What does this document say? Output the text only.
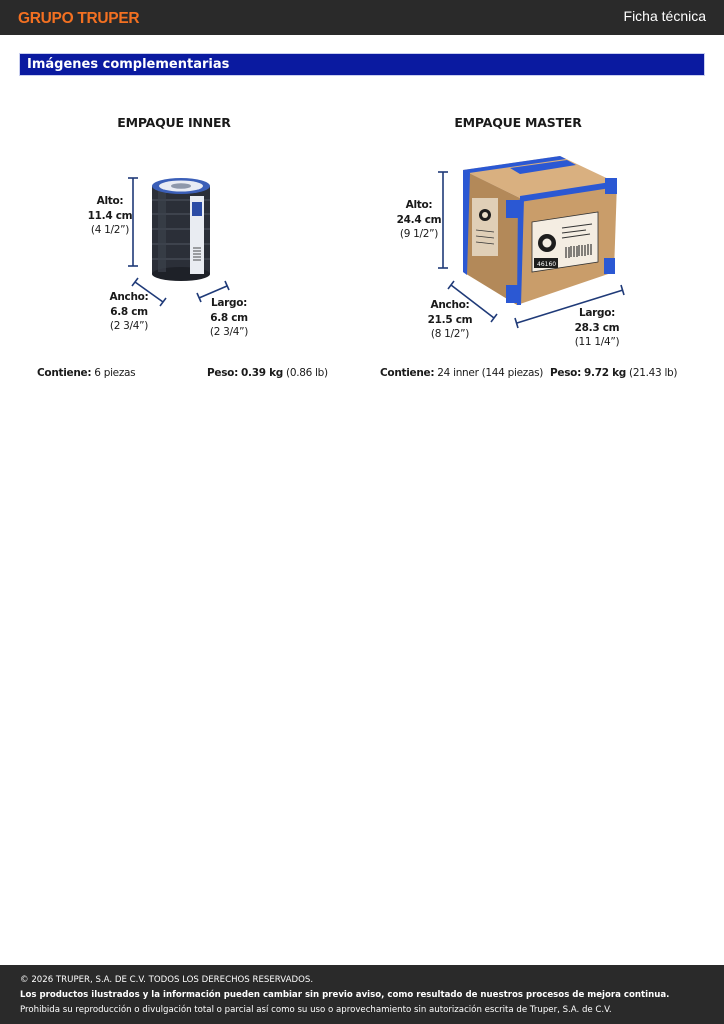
GRUPO TRUPER	Ficha técnica
Imágenes complementarias
EMPAQUE INNER	EMPAQUE MASTER
46160
Alto:
11.4 cm
(4 1/2”)
Ancho:
6.8 cm
(2 3/4”)
Largo:
6.8 cm
(2 3/4”)
Alto:
24.4 cm
(9 1/2”)
Ancho:
21.5 cm
(8 1/2”)
Largo:
28.3 cm
(11 1/4”)
Contiene: 6 piezas	Peso: 0.39 kg (0.86 lb)	Contiene: 24 inner (144 piezas) Peso: 9.72 kg (21.43 lb)

© 2026 TRUPER, S.A. DE C.V. TODOS LOS DERECHOS RESERVADOS.

Los productos ilustrados y la información pueden cambiar sin previo aviso, como resultado de nuestros procesos de mejora continua.

Prohibida su reproducción o divulgación total o parcial así como su uso o aprovechamiento sin autorización escrita de Truper, S.A. de C.V.
